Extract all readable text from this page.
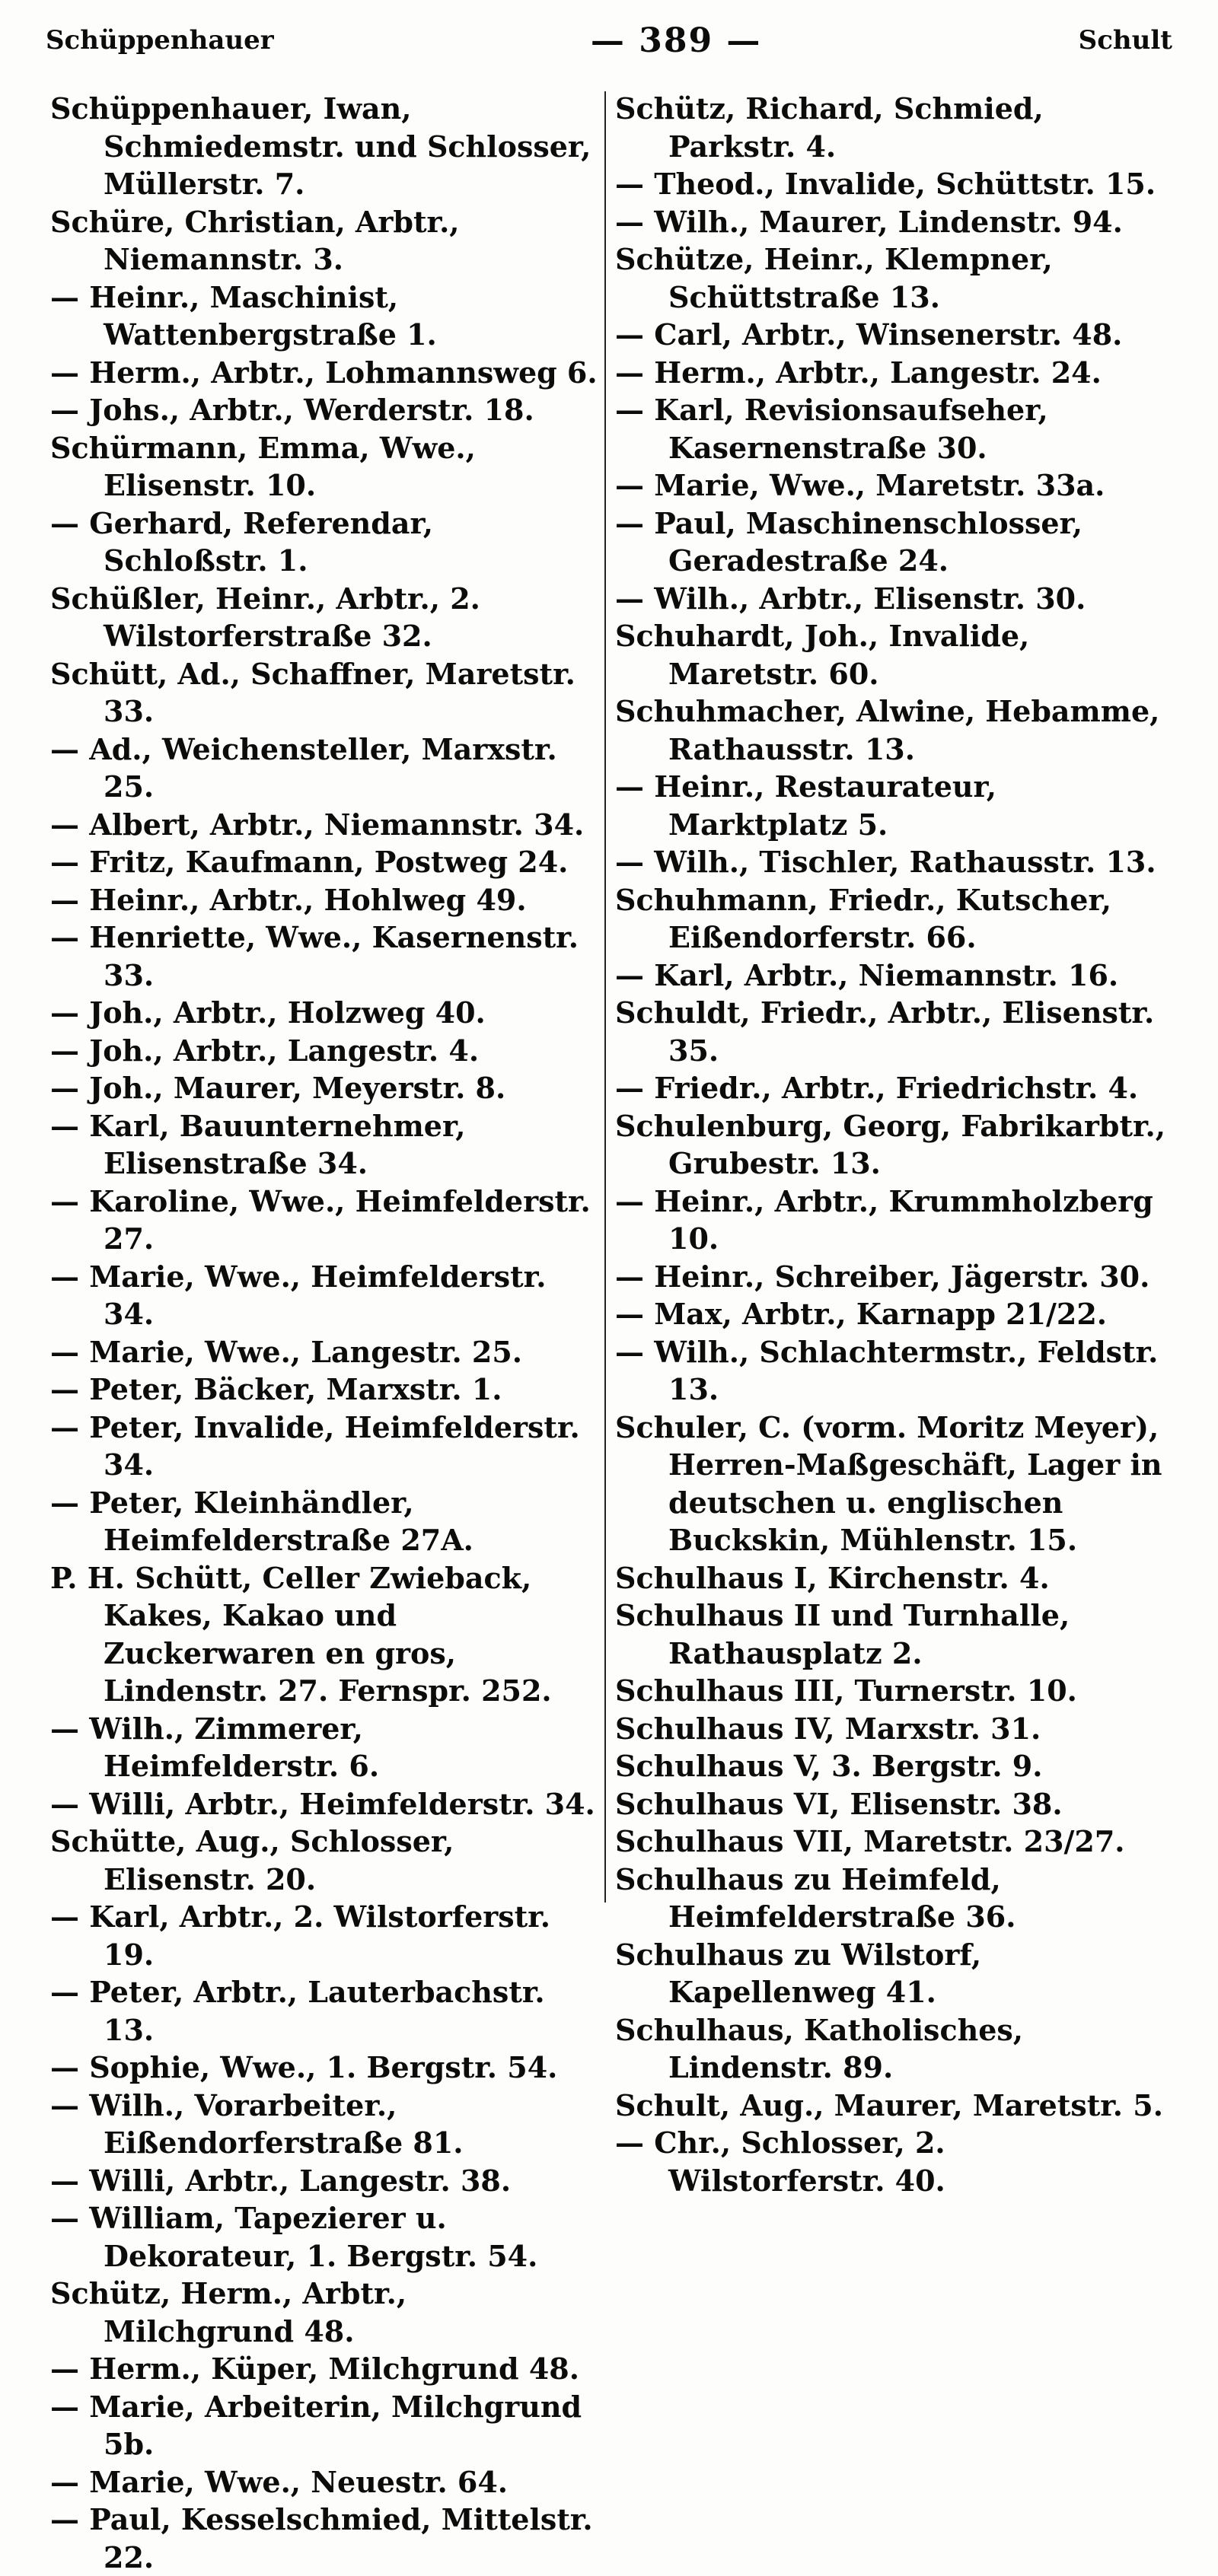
Schüppenhauer	— 389 —	Schult

Schüppenhauer, Iwan, Schmiedemstr. und Schlosser, Müllerstr. 7.

Schüre, Christian, Arbtr., Niemannstr. 3.

— Heinr., Maschinist, Wattenbergstraße 1.

— Herm., Arbtr., Lohmannsweg 6.

— Johs., Arbtr., Werderstr. 18.

Schürmann, Emma, Wwe., Elisenstr. 10.

— Gerhard, Referendar, Schloßstr. 1.

Schüßler, Heinr., Arbtr., 2. Wilstorferstraße 32.

Schütt, Ad., Schaffner, Maretstr. 33.

— Ad., Weichensteller, Marxstr. 25.

— Albert, Arbtr., Niemannstr. 34.

— Fritz, Kaufmann, Postweg 24.

— Heinr., Arbtr., Hohlweg 49.

— Henriette, Wwe., Kasernenstr. 33.

— Joh., Arbtr., Holzweg 40.

— Joh., Arbtr., Langestr. 4.

— Joh., Maurer, Meyerstr. 8.

— Karl, Bauunternehmer, Elisenstraße 34.

— Karoline, Wwe., Heimfelderstr. 27.

— Marie, Wwe., Heimfelderstr. 34.

— Marie, Wwe., Langestr. 25.

— Peter, Bäcker, Marxstr. 1.

— Peter, Invalide, Heimfelderstr. 34.

— Peter, Kleinhändler, Heimfelderstraße 27A.

P. H. Schütt, Celler Zwieback, Kakes, Kakao und Zuckerwaren en gros, Lindenstr. 27. Fernspr. 252.

— Wilh., Zimmerer, Heimfelderstr. 6.

— Willi, Arbtr., Heimfelderstr. 34.

Schütte, Aug., Schlosser, Elisenstr. 20.

— Karl, Arbtr., 2. Wilstorferstr. 19.

— Peter, Arbtr., Lauterbachstr. 13.

— Sophie, Wwe., 1. Bergstr. 54.

— Wilh., Vorarbeiter., Eißendorferstraße 81.

— Willi, Arbtr., Langestr. 38.

— William, Tapezierer u. Dekorateur, 1. Bergstr. 54.

Schütz, Herm., Arbtr., Milchgrund 48.

— Herm., Küper, Milchgrund 48.

— Marie, Arbeiterin, Milchgrund 5b.

— Marie, Wwe., Neuestr. 64.

— Paul, Kesselschmied, Mittelstr. 22.

Schütz, Richard, Schmied, Parkstr. 4.

— Theod., Invalide, Schüttstr. 15.

— Wilh., Maurer, Lindenstr. 94.

Schütze, Heinr., Klempner, Schüttstraße 13.

— Carl, Arbtr., Winsenerstr. 48.

— Herm., Arbtr., Langestr. 24.

— Karl, Revisionsaufseher, Kasernenstraße 30.

— Marie, Wwe., Maretstr. 33a.

— Paul, Maschinenschlosser, Geradestraße 24.

— Wilh., Arbtr., Elisenstr. 30.

Schuhardt, Joh., Invalide, Maretstr. 60.

Schuhmacher, Alwine, Hebamme, Rathausstr. 13.

— Heinr., Restaurateur, Marktplatz 5.

— Wilh., Tischler, Rathausstr. 13.

Schuhmann, Friedr., Kutscher, Eißendorferstr. 66.

— Karl, Arbtr., Niemannstr. 16.

Schuldt, Friedr., Arbtr., Elisenstr. 35.

— Friedr., Arbtr., Friedrichstr. 4.

Schulenburg, Georg, Fabrikarbtr., Grubestr. 13.

— Heinr., Arbtr., Krummholzberg 10.

— Heinr., Schreiber, Jägerstr. 30.

— Max, Arbtr., Karnapp 21/22.

— Wilh., Schlachtermstr., Feldstr. 13.

Schuler, C. (vorm. Moritz Meyer), Herren-Maßgeschäft, Lager in deutschen u. englischen Buckskin, Mühlenstr. 15.

Schulhaus I, Kirchenstr. 4.

Schulhaus II und Turnhalle, Rathausplatz 2.

Schulhaus III, Turnerstr. 10.

Schulhaus IV, Marxstr. 31.

Schulhaus V, 3. Bergstr. 9.

Schulhaus VI, Elisenstr. 38.

Schulhaus VII, Maretstr. 23/27.

Schulhaus zu Heimfeld, Heimfelderstraße 36.

Schulhaus zu Wilstorf, Kapellenweg 41.

Schulhaus, Katholisches, Lindenstr. 89.

Schult, Aug., Maurer, Maretstr. 5.

— Chr., Schlosser, 2. Wilstorferstr. 40.
